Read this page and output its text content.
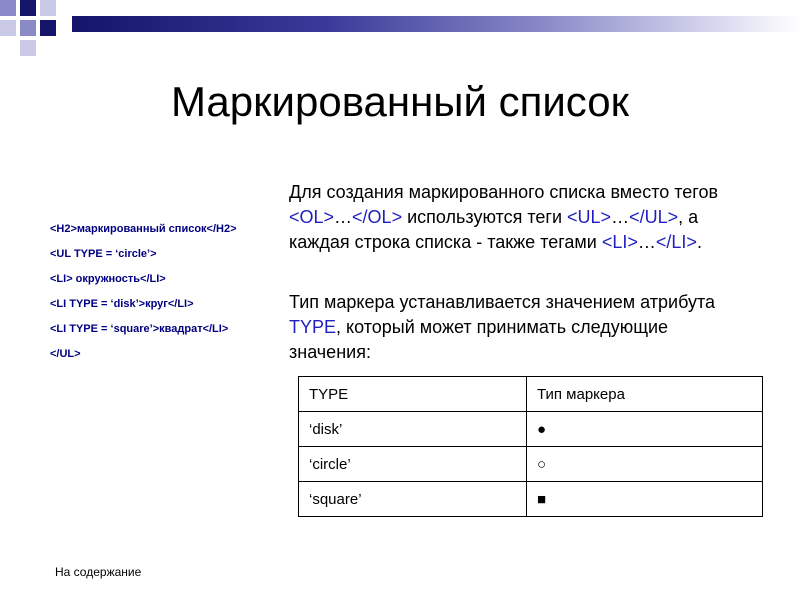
Маркированный список
<H2>маркированный список</H2>
<UL TYPE = ‘circle’>
<LI> окружность</LI>
<LI TYPE = ‘disk’>круг</LI>
<LI TYPE = ‘square’>квадрат</LI>
</UL>

Для создания маркированного списка вместо тегов <OL>…</OL> используются теги <UL>…</UL>, а каждая строка списка - также тегами <LI>…</LI>.

Тип маркера устанавливается значением атрибута TYPE, который может принимать следующие значения:

TYPE	Тип маркера
‘disk’	●
‘circle’	○
‘square’	■
На содержание
